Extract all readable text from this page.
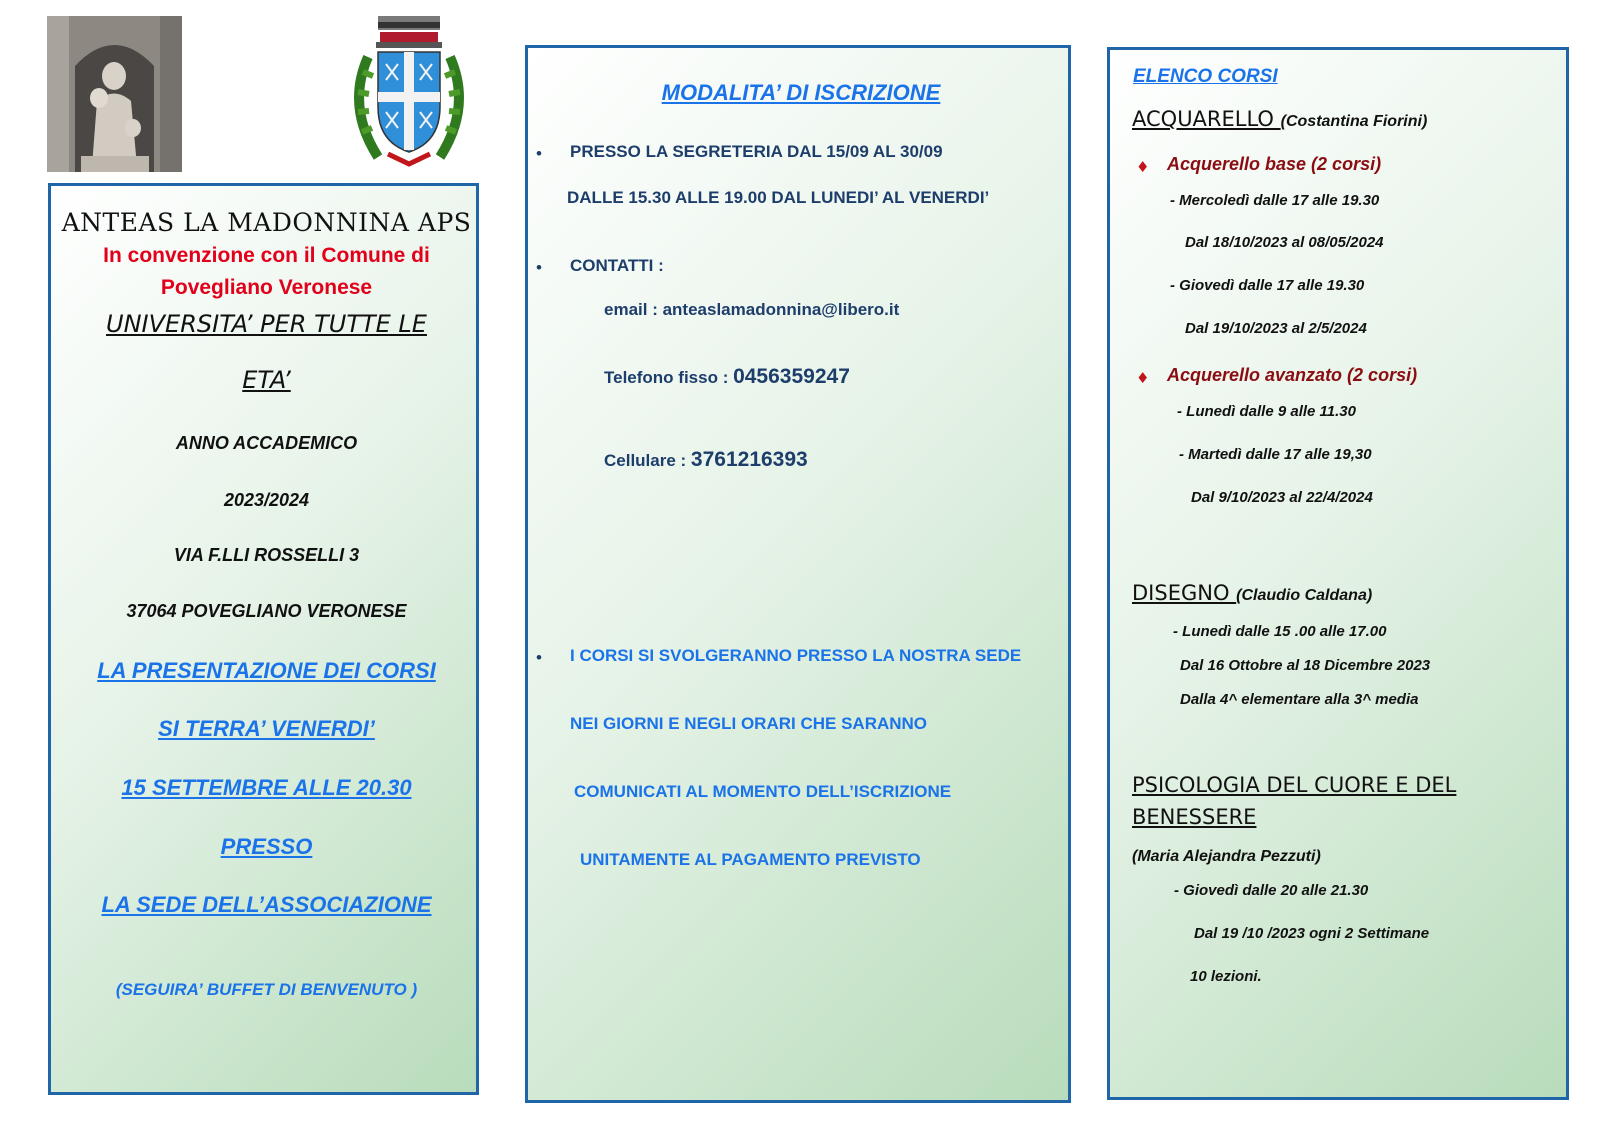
ANTEAS LA MADONNINA APS
In convenzione con il Comune di
Povegliano Veronese
UNIVERSITA’ PER TUTTE LE
ETA’
ANNO ACCADEMICO
2023/2024
VIA F.LLI ROSSELLI 3
37064 POVEGLIANO VERONESE
LA PRESENTAZIONE DEI CORSI
SI TERRA’ VENERDI’
15 SETTEMBRE ALLE 20.30
PRESSO
LA SEDE DELL’ASSOCIAZIONE
(SEGUIRA’ BUFFET DI BENVENUTO )
MODALITA’ DI ISCRIZIONE
• PRESSO LA SEGRETERIA DAL 15/09 AL 30/09
DALLE 15.30 ALLE 19.00 DAL LUNEDI’ AL VENERDI’
• CONTATTI :
email : anteaslamadonnina@libero.it
Telefono fisso : 0456359247
Cellulare : 3761216393
• I CORSI SI SVOLGERANNO PRESSO LA NOSTRA SEDE
NEI GIORNI E NEGLI ORARI CHE SARANNO
COMUNICATI AL MOMENTO DELL’ISCRIZIONE
UNITAMENTE AL PAGAMENTO PREVISTO
ELENCO CORSI
ACQUARELLO (Costantina Fiorini)
♦ Acquerello base (2 corsi)
- Mercoledì dalle 17 alle 19.30
Dal 18/10/2023 al 08/05/2024
- Giovedì dalle 17 alle 19.30
Dal 19/10/2023 al 2/5/2024
♦ Acquerello avanzato (2 corsi)
- Lunedì dalle 9 alle 11.30
- Martedì dalle 17 alle 19,30
Dal 9/10/2023 al 22/4/2024
DISEGNO (Claudio Caldana)
- Lunedì dalle 15 .00 alle 17.00
Dal 16 Ottobre al 18 Dicembre 2023
Dalla 4^ elementare alla 3^ media
PSICOLOGIA DEL CUORE E DEL
BENESSERE
(Maria Alejandra Pezzuti)
- Giovedì dalle 20 alle 21.30
Dal 19 /10 /2023 ogni 2 Settimane
10 lezioni.
